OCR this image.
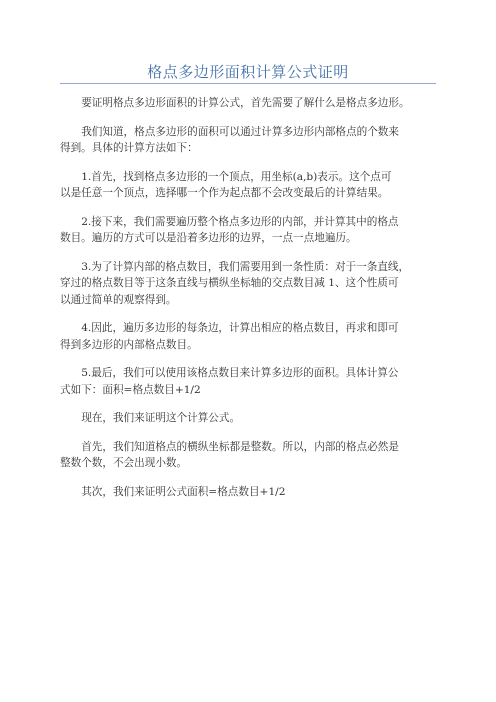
格点多边形面积计算公式证明

要证明格点多边形面积的计算公式，首先需要了解什么是格点多边形。

我们知道，格点多边形的面积可以通过计算多边形内部格点的个数来
得到。具体的计算方法如下：

1.首先，找到格点多边形的一个顶点，用坐标(a,b)表示。这个点可
以是任意一个顶点，选择哪一个作为起点都不会改变最后的计算结果。

2.接下来，我们需要遍历整个格点多边形的内部，并计算其中的格点
数目。遍历的方式可以是沿着多边形的边界，一点一点地遍历。

3.为了计算内部的格点数目，我们需要用到一条性质：对于一条直线，
穿过的格点数目等于这条直线与横纵坐标轴的交点数目减 1、这个性质可
以通过简单的观察得到。

4.因此，遍历多边形的每条边，计算出相应的格点数目，再求和即可
得到多边形的内部格点数目。

5.最后，我们可以使用该格点数目来计算多边形的面积。具体计算公
式如下：面积=格点数目+1/2

现在，我们来证明这个计算公式。

首先，我们知道格点的横纵坐标都是整数。所以，内部的格点必然是
整数个数，不会出现小数。

其次，我们来证明公式面积=格点数目+1/2
